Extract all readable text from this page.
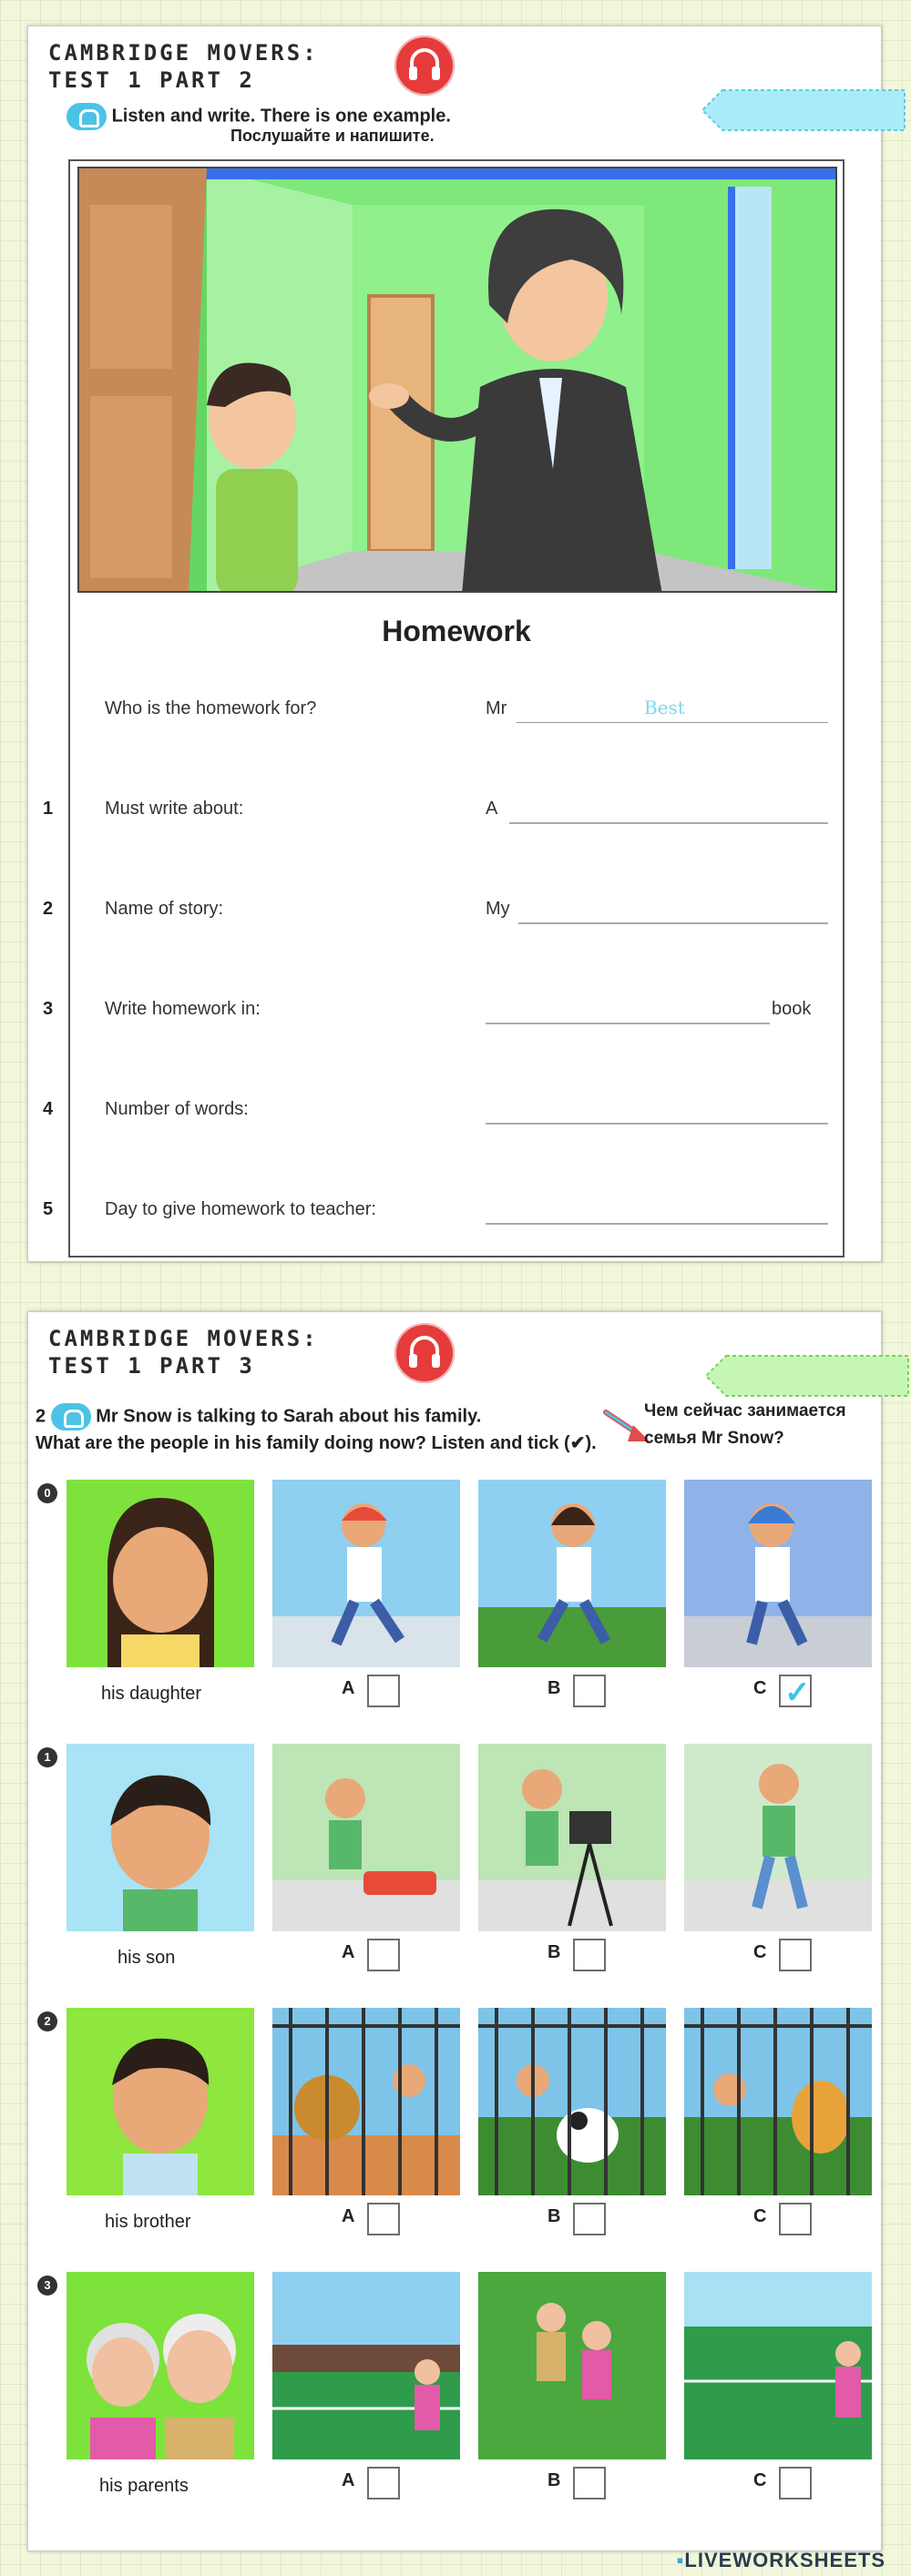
CAMBRIDGE MOVERS:
TEST 1 PART 2
Listen and write. There is one example.
Послушайте и напишите.
Homework
Who is the homework for?	Mr	Best
1	Must write about:	A
2	Name of story:	My
3	Write homework in:	book
4	Number of words:
5	Day to give homework to teacher:
CAMBRIDGE MOVERS:
TEST 1 PART 3
2	Mr Snow is talking to Sarah about his family.
What are the people in his family doing now? Listen and tick (✔).
Чем сейчас занимается
семья Mr Snow?
0
his daughter	A	B	C ✓
1
his son	A	B	C
2
his brother	A	B	C
3
his parents	A	B	C
▪LIVEWORKSHEETS
